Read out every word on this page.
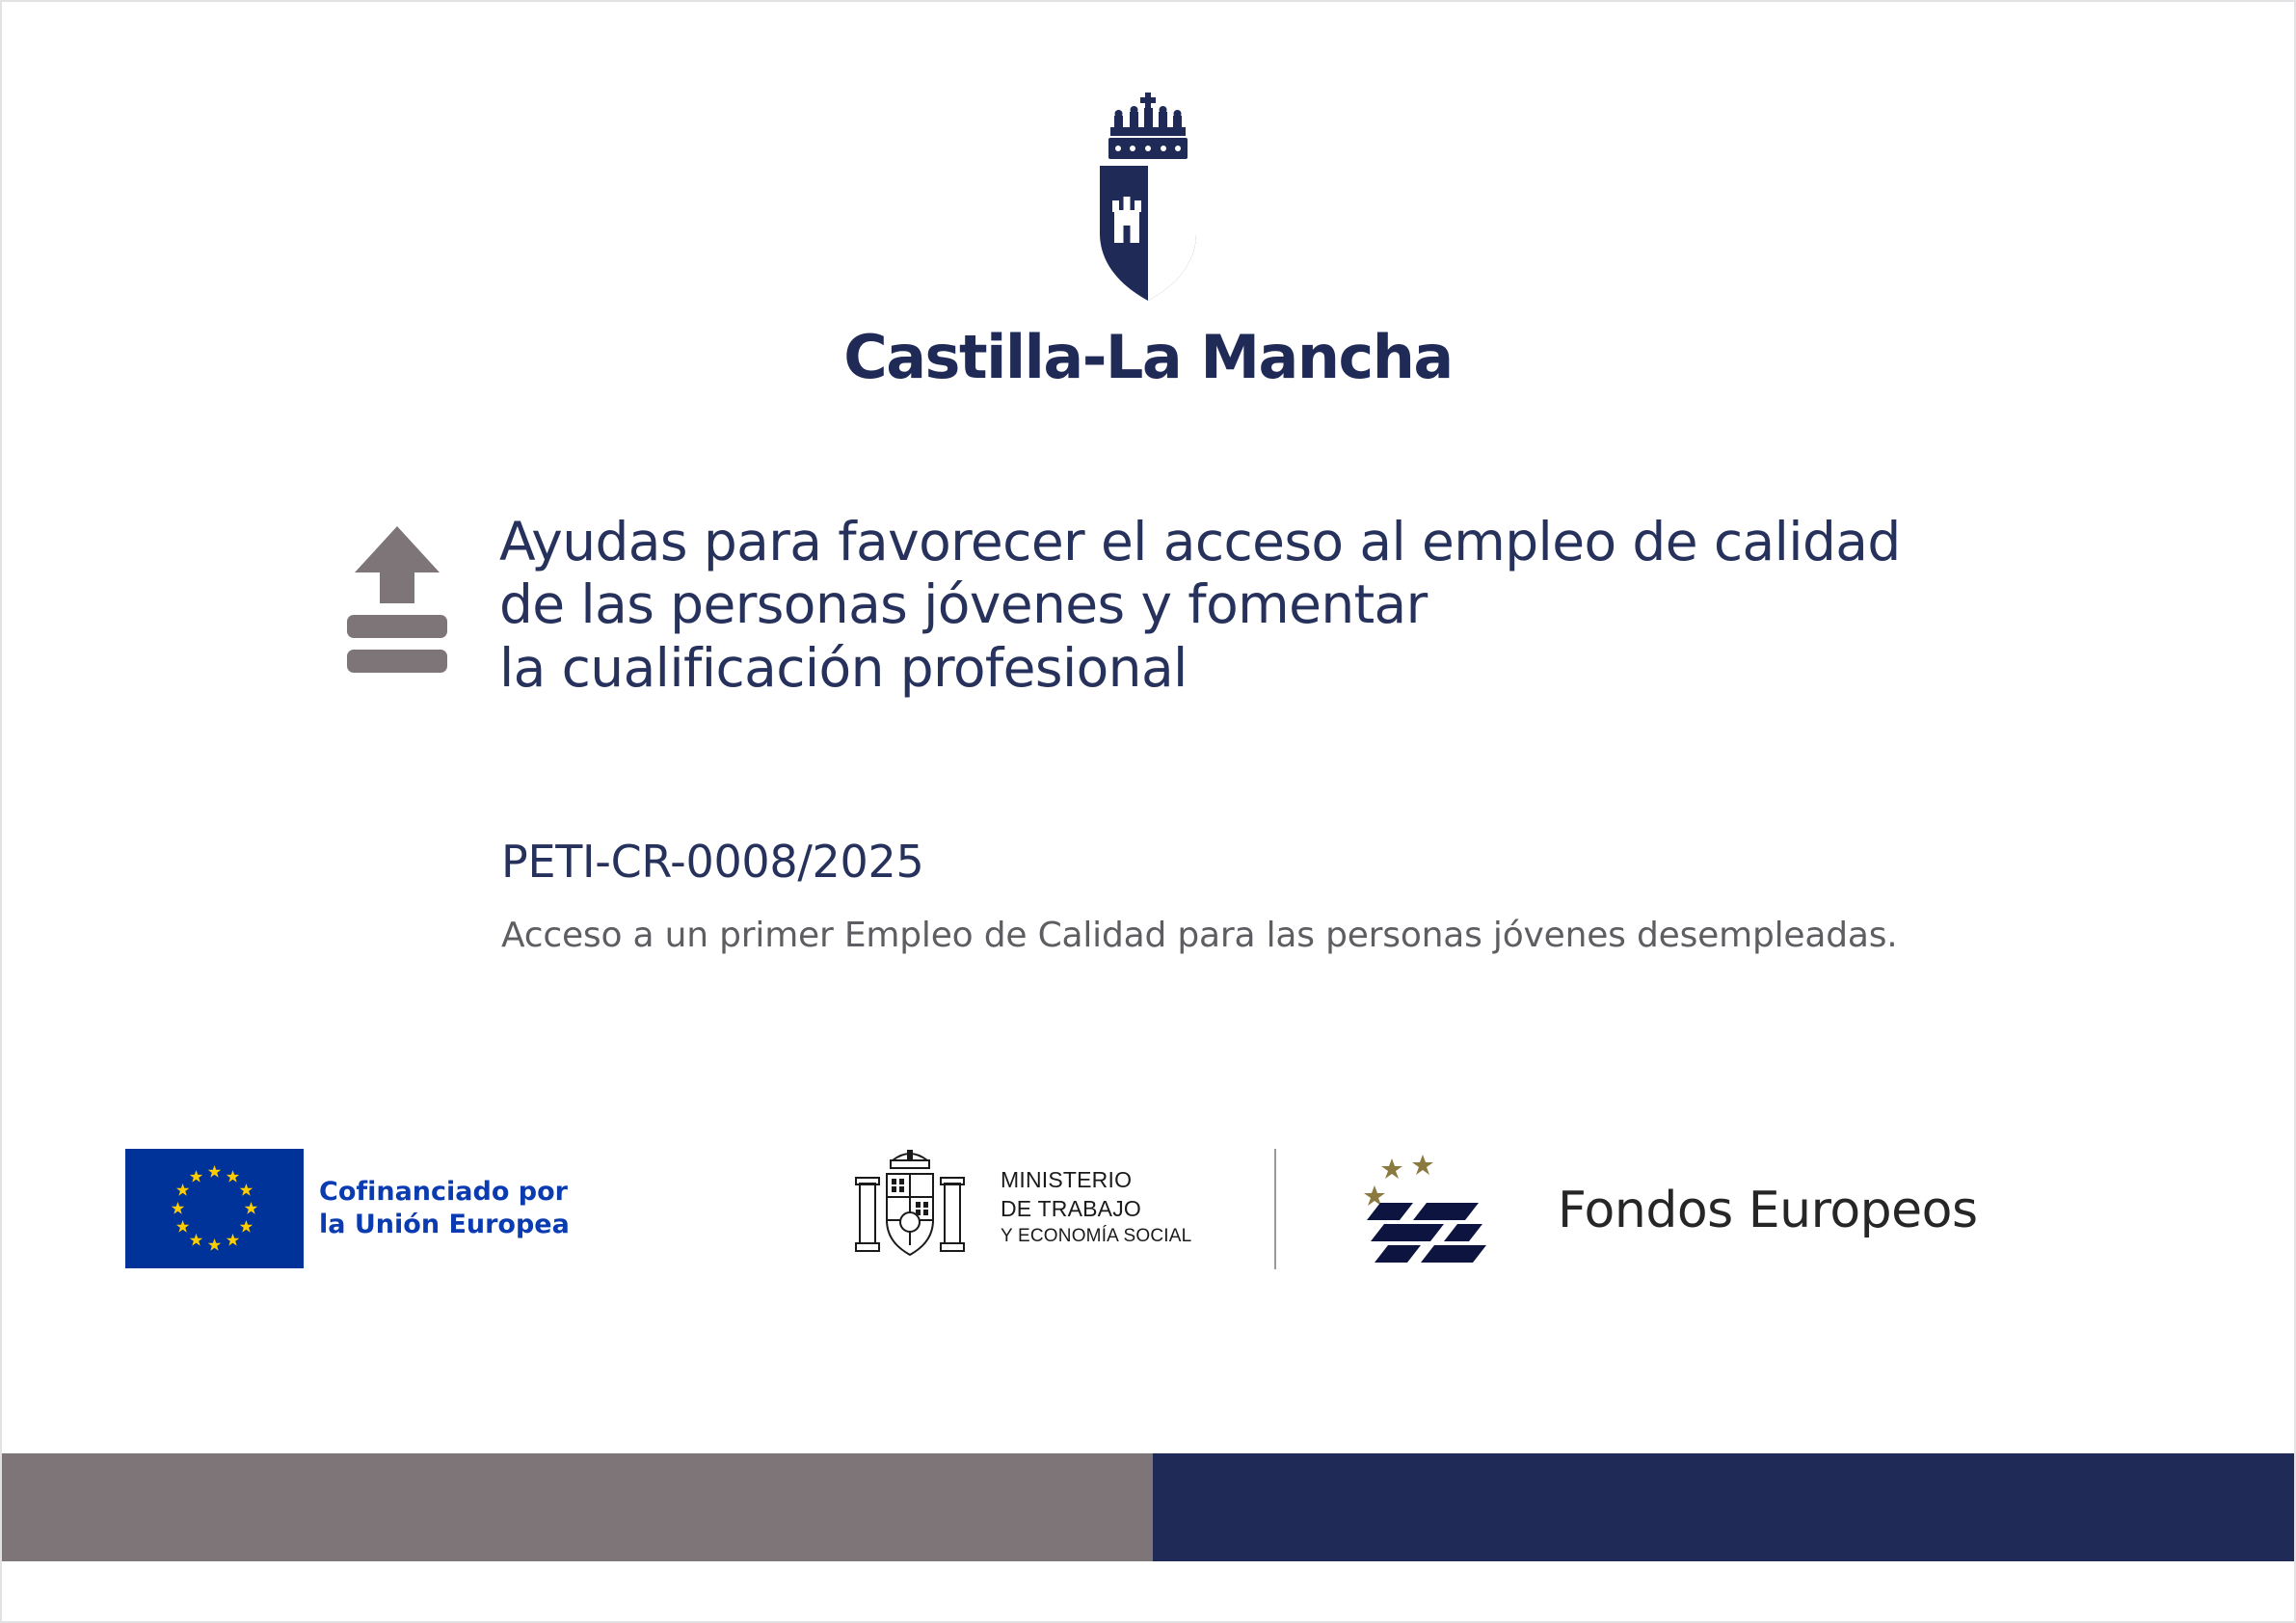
Castilla-La Mancha
Ayudas para favorecer el acceso al empleo de calidad
de las personas jóvenes y fomentar
la cualificación profesional
PETI-CR-0008/2025
Acceso a un primer Empleo de Calidad para las personas jóvenes desempleadas.
Cofinanciado por
la Unión Europea
MINISTERIO
DE TRABAJO
Y ECONOMÍA SOCIAL	Fondos Europeos
